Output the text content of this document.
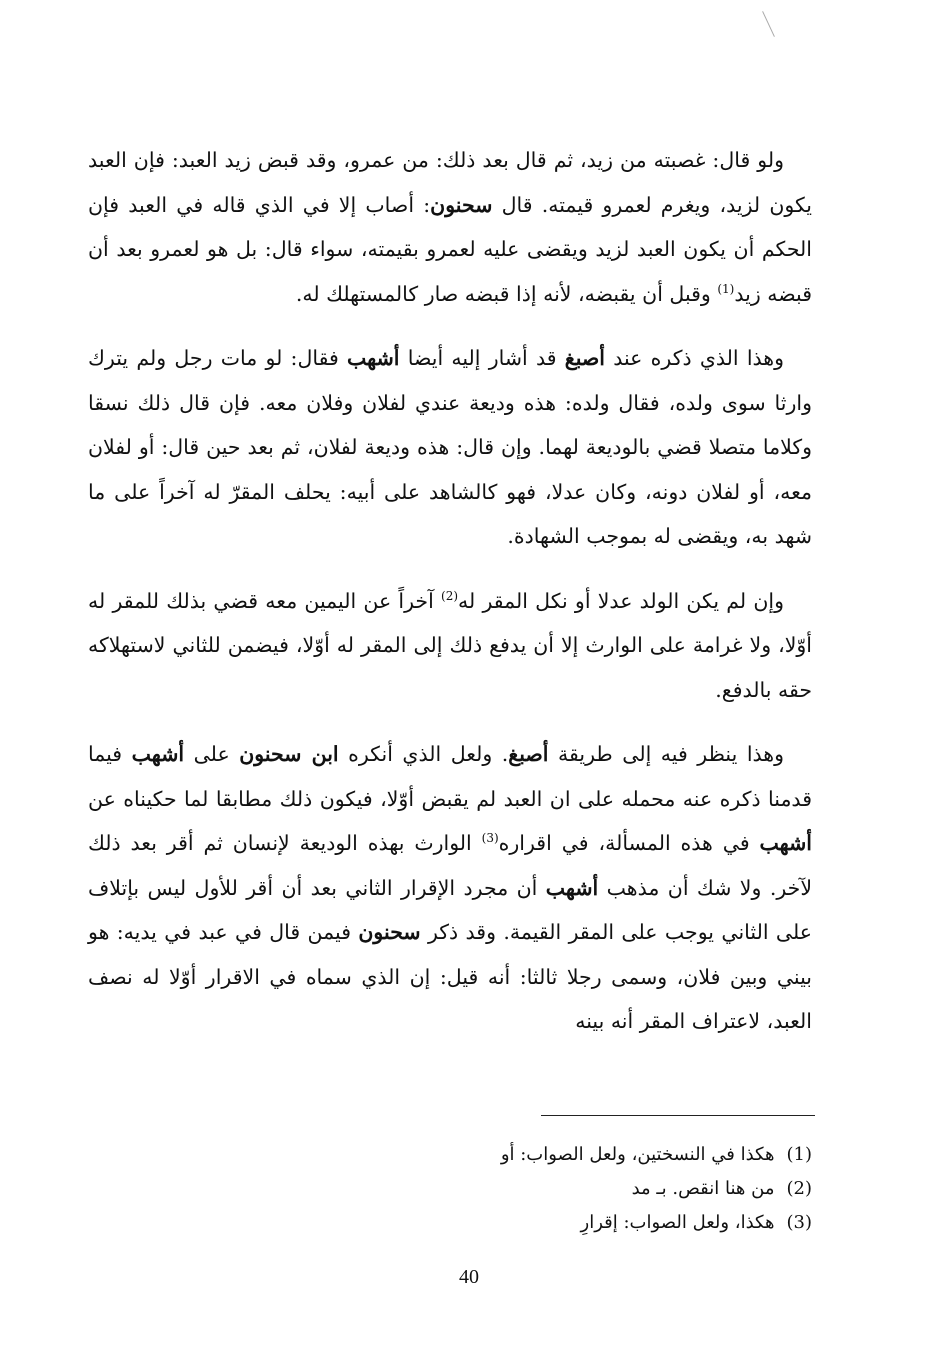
ولو قال: غصبته من زيد، ثم قال بعد ذلك: من عمرو، وقد قبض زيد العبد: فإن العبد يكون لزيد، ويغرم لعمرو قيمته. قال سحنون: أصاب إلا في الذي قاله في العبد فإن الحكم أن يكون العبد لزيد ويقضى عليه لعمرو بقيمته، سواء قال: بل هو لعمرو بعد أن قبضه زيد$^{(1)}$ وقبل أن يقبضه، لأنه إذا قبضه صار كالمستهلك له.

وهذا الذي ذكره عند أصبغ قد أشار إليه أيضا أشهب فقال: لو مات رجل ولم يترك وارثا سوى ولده، فقال ولده: هذه وديعة عندي لفلان وفلان معه. فإن قال ذلك نسقا وكلاما متصلا قضي بالوديعة لهما. وإن قال: هذه وديعة لفلان، ثم بعد حين قال: أو لفلان معه، أو لفلان دونه، وكان عدلا، فهو كالشاهد على أبيه: يحلف المقرّ له آخراً على ما شهد به، ويقضى له بموجب الشهادة.

وإن لم يكن الولد عدلا أو نكل المقر له$^{(2)}$ آخراً عن اليمين معه قضي بذلك للمقر له أوّلا، ولا غرامة على الوارث إلا أن يدفع ذلك إلى المقر له أوّلا، فيضمن للثاني لاستهلاكه حقه بالدفع.

وهذا ينظر فيه إلى طريقة أصبغ. ولعل الذي أنكره ابن سحنون على أشهب فيما قدمنا ذكره عنه محمله على ان العبد لم يقبض أوّلا، فيكون ذلك مطابقا لما حكيناه عن أشهب في هذه المسألة، في اقراره$^{(3)}$ الوارث بهذه الوديعة لإنسان ثم أقر بعد ذلك لآخر. ولا شك أن مذهب أشهب أن مجرد الإقرار الثاني بعد أن أقر للأول ليس بإتلاف على الثاني يوجب على المقر القيمة. وقد ذكر سحنون فيمن قال في عبد في يديه: هو بيني وبين فلان، وسمى رجلا ثالثا: أنه قيل: إن الذي سماه في الاقرار أوّلا له نصف العبد، لاعتراف المقر أنه بينه

(1)هكذا في النسختين، ولعل الصواب: أو
(2)من هنا انقص. بـ مد
(3)هكذا، ولعل الصواب: إقرارِ
40
